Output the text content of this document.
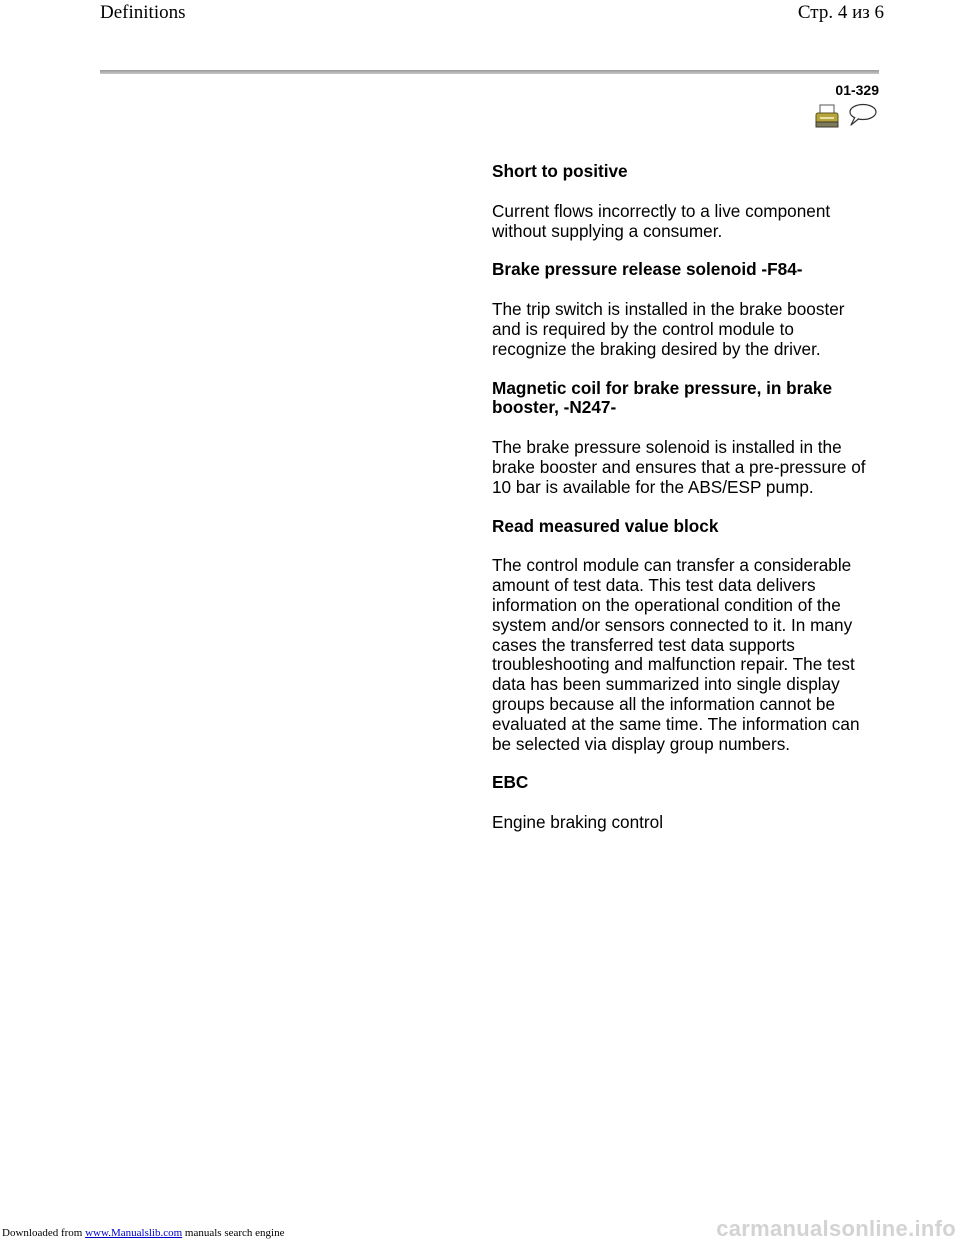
Definitions	Стр. 4 из 6
01-329

Short to positive

Current flows incorrectly to a live component without supplying a consumer.

Brake pressure release solenoid -F84-

The trip switch is installed in the brake booster and is required by the control module to recognize the braking desired by the driver.

Magnetic coil for brake pressure, in brake booster, -N247-

The brake pressure solenoid is installed in the brake booster and ensures that a pre-pressure of 10 bar is available for the ABS/ESP pump.

Read measured value block

The control module can transfer a considerable amount of test data. This test data delivers information on the operational condition of the system and/or sensors connected to it. In many cases the transferred test data supports troubleshooting and malfunction repair. The test data has been summarized into single display groups because all the information cannot be evaluated at the same time. The information can be selected via display group numbers.

EBC

Engine braking control

Downloaded from www.Manualslib.com manuals search engine	carmanualsonline.info
